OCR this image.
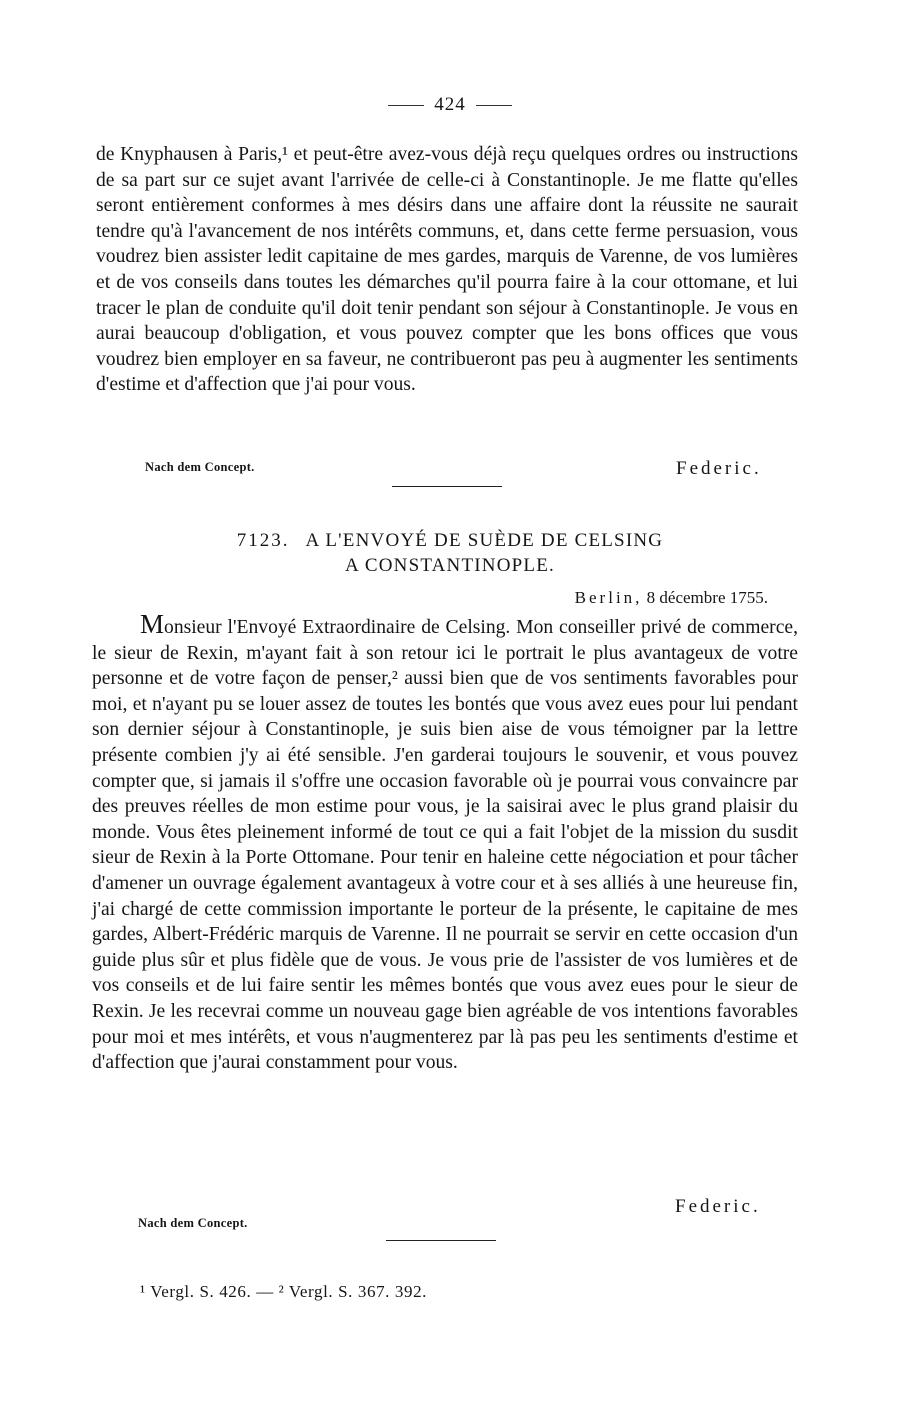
424

de Knyphausen à Paris,¹ et peut-être avez-vous déjà reçu quelques ordres ou instructions de sa part sur ce sujet avant l'arrivée de celle-ci à Constantinople. Je me flatte qu'elles seront entièrement conformes à mes désirs dans une affaire dont la réussite ne saurait tendre qu'à l'avancement de nos intérêts communs, et, dans cette ferme persuasion, vous voudrez bien assister ledit capitaine de mes gardes, marquis de Varenne, de vos lumières et de vos conseils dans toutes les démarches qu'il pourra faire à la cour ottomane, et lui tracer le plan de conduite qu'il doit tenir pendant son séjour à Constantinople. Je vous en aurai beaucoup d'obligation, et vous pouvez compter que les bons offices que vous voudrez bien employer en sa faveur, ne contribueront pas peu à augmenter les sentiments d'estime et d'affection que j'ai pour vous.

Nach dem Concept.	Federic.
7123. A L'ENVOYÉ DE SUÈDE DE CELSING
A CONSTANTINOPLE.
Berlin, 8 décembre 1755.

Monsieur l'Envoyé Extraordinaire de Celsing. Mon conseiller privé de commerce, le sieur de Rexin, m'ayant fait à son retour ici le portrait le plus avantageux de votre personne et de votre façon de penser,² aussi bien que de vos sentiments favorables pour moi, et n'ayant pu se louer assez de toutes les bontés que vous avez eues pour lui pendant son dernier séjour à Constantinople, je suis bien aise de vous témoigner par la lettre présente combien j'y ai été sensible. J'en garderai toujours le souvenir, et vous pouvez compter que, si jamais il s'offre une occasion favorable où je pourrai vous convaincre par des preuves réelles de mon estime pour vous, je la saisirai avec le plus grand plaisir du monde. Vous êtes pleinement informé de tout ce qui a fait l'objet de la mission du susdit sieur de Rexin à la Porte Ottomane. Pour tenir en haleine cette négociation et pour tâcher d'amener un ouvrage également avantageux à votre cour et à ses alliés à une heureuse fin, j'ai chargé de cette commission importante le porteur de la présente, le capitaine de mes gardes, Albert-Frédéric marquis de Varenne. Il ne pourrait se servir en cette occasion d'un guide plus sûr et plus fidèle que de vous. Je vous prie de l'assister de vos lumières et de vos conseils et de lui faire sentir les mêmes bontés que vous avez eues pour le sieur de Rexin. Je les recevrai comme un nouveau gage bien agréable de vos intentions favorables pour moi et mes intérêts, et vous n'augmenterez par là pas peu les sentiments d'estime et d'affection que j'aurai constamment pour vous.

Nach dem Concept.
Federic.
¹ Vergl. S. 426. — ² Vergl. S. 367. 392.
